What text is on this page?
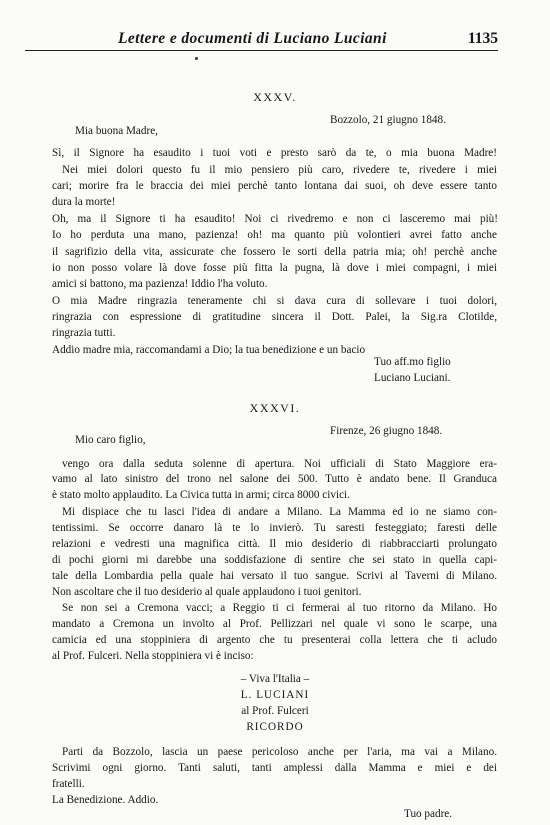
Lettere e documenti di Luciano Luciani	1135
XXXV.
Bozzolo, 21 giugno 1848.
Mia buona Madre,
Sì, il Signore ha esaudito i tuoi voti e presto sarò da te, o mia buona Madre!
Nei miei dolori questo fu il mio pensiero più caro, rivedere te, rivedere i miei
cari; morire fra le braccia dei miei perchè tanto lontana dai suoi, oh deve essere tanto
dura la morte!
Oh, ma il Signore ti ha esaudito! Noi ci rivedremo e non ci lasceremo mai più!
Io ho perduta una mano, pazienza! oh! ma quanto più volontieri avrei fatto anche
il sagrifizio della vita, assicurate che fossero le sorti della patria mia; oh! perchè anche
io non posso volare là dove fosse più fitta la pugna, là dove i miei compagni, i miei
amici si battono, ma pazienza! Iddio l'ha voluto.
O mia Madre ringrazia teneramente chi si dava cura di sollevare i tuoi dolori,
ringrazia con espressione di gratitudine sincera il Dott. Palei, la Sig.ra Clotilde,
ringrazia tutti.
Addio madre mia, raccomandami a Dio; la tua benedizione e un bacio
Tuo aff.mo figlio
Luciano Luciani.
XXXVI.
Firenze, 26 giugno 1848.
Mio caro figlio,
vengo ora dalla seduta solenne di apertura. Noi ufficiali di Stato Maggiore era-
vamo al lato sinistro del trono nel salone dei 500. Tutto è andato bene. Il Granduca
è stato molto applaudito. La Civica tutta in armi; circa 8000 civici.
Mi dispiace che tu lasci l'idea di andare a Milano. La Mamma ed io ne siamo con-
tentissimi. Se occorre danaro là te lo invierò. Tu saresti festeggiato; faresti delle
relazioni e vedresti una magnifica città. Il mio desiderio di riabbracciarti prolungato
di pochi giorni mi darebbe una soddisfazione di sentire che sei stato in quella capi-
tale della Lombardia pella quale hai versato il tuo sangue. Scrivi al Taverni di Milano.
Non ascoltare che il tuo desiderio al quale applaudono i tuoi genitori.
Se non sei a Cremona vacci; a Reggio ti ci fermerai al tuo ritorno da Milano. Ho
mandato a Cremona un involto al Prof. Pellizzari nel quale vi sono le scarpe, una
camicia ed una stoppiniera di argento che tu presenterai colla lettera che ti acludo
al Prof. Fulceri. Nella stoppiniera vi è inciso:
– Viva l'Italia –
L. LUCIANI
al Prof. Fulceri
RICORDO
Parti da Bozzolo, lascia un paese pericoloso anche per l'aria, ma vai a Milano.
Scrivimi ogni giorno. Tanti saluti, tanti amplessi dalla Mamma e miei e dei
fratelli.
La Benedizione. Addio.
Tuo padre.
